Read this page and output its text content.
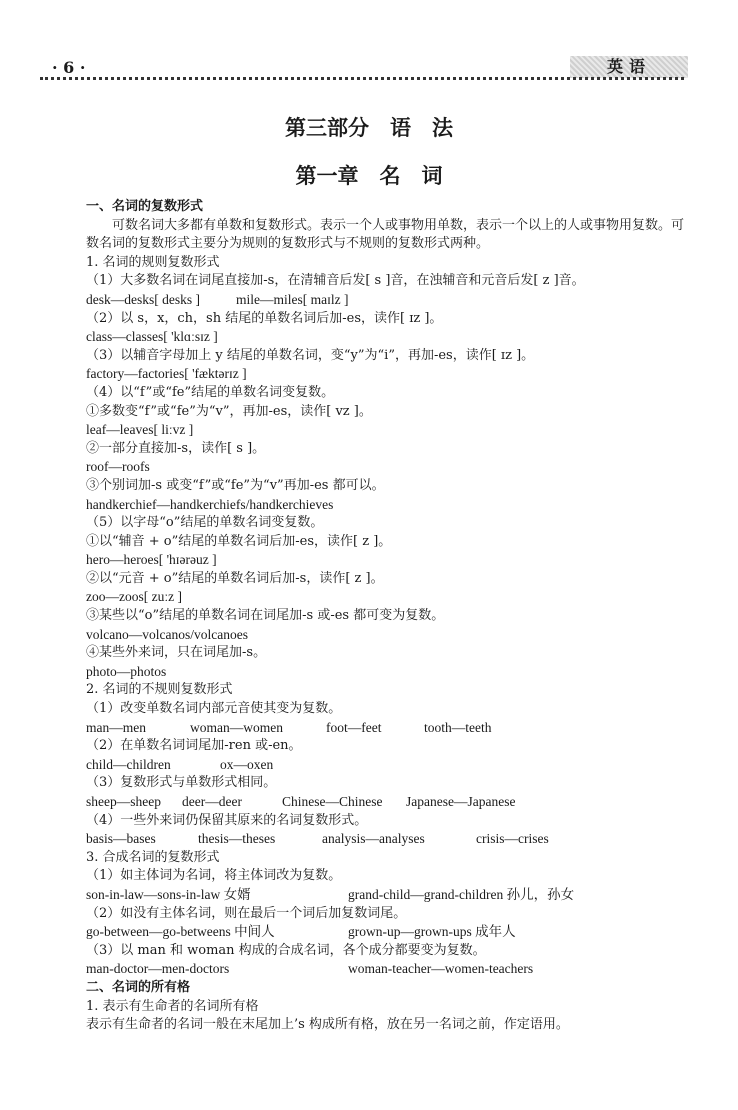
· 6 ·	英语
第三部分　语　法
第一章　名　词

一、名词的复数形式

可数名词大多都有单数和复数形式。表示一个人或事物用单数，表示一个以上的人或事物用复数。可数名词的复数形式主要分为规则的复数形式与不规则的复数形式两种。

1. 名词的规则复数形式

（1）大多数名词在词尾直接加-s，在清辅音后发[ s ]音，在浊辅音和元音后发[ z ]音。

desk—desks[ desks ]	mile—miles[ maɪlz ]

（2）以 s，x，ch，sh 结尾的单数名词后加-es，读作[ ɪz ]。

class—classes[ 'klɑːsɪz ]

（3）以辅音字母加上 y 结尾的单数名词，变“y”为“i”，再加-es，读作[ ɪz ]。

factory—factories[ 'fæktərɪz ]

（4）以“f”或“fe”结尾的单数名词变复数。

①多数变“f”或“fe”为“v”，再加-es，读作[ vz ]。

leaf—leaves[ liːvz ]

②一部分直接加-s，读作[ s ]。

roof—roofs

③个别词加-s 或变“f”或“fe”为“v”再加-es 都可以。

handkerchief—handkerchiefs/handkerchieves

（5）以字母“o”结尾的单数名词变复数。

①以“辅音 + o”结尾的单数名词后加-es，读作[ z ]。

hero—heroes[ 'hɪərəuz ]

②以“元音 + o”结尾的单数名词后加-s，读作[ z ]。

zoo—zoos[ zuːz ]

③某些以“o”结尾的单数名词在词尾加-s 或-es 都可变为复数。

volcano—volcanos/volcanoes

④某些外来词，只在词尾加-s。

photo—photos

2. 名词的不规则复数形式

（1）改变单数名词内部元音使其变为复数。

man—men	woman—women	foot—feet	tooth—teeth

（2）在单数名词词尾加-ren 或-en。

child—children	ox—oxen

（3）复数形式与单数形式相同。

sheep—sheep deer—deer	Chinese—Chinese Japanese—Japanese

（4）一些外来词仍保留其原来的名词复数形式。

basis—bases	thesis—theses	analysis—analyses	crisis—crises

3. 合成名词的复数形式

（1）如主体词为名词，将主体词改为复数。

son-in-law—sons-in-law 女婿	grand-child—grand-children 孙儿，孙女

（2）如没有主体名词，则在最后一个词后加复数词尾。

go-between—go-betweens 中间人	grown-up—grown-ups 成年人

（3）以 man 和 woman 构成的合成名词，各个成分都要变为复数。

man-doctor—men-doctors	woman-teacher—women-teachers

二、名词的所有格

1. 表示有生命者的名词所有格

表示有生命者的名词一般在末尾加上’s 构成所有格，放在另一名词之前，作定语用。
